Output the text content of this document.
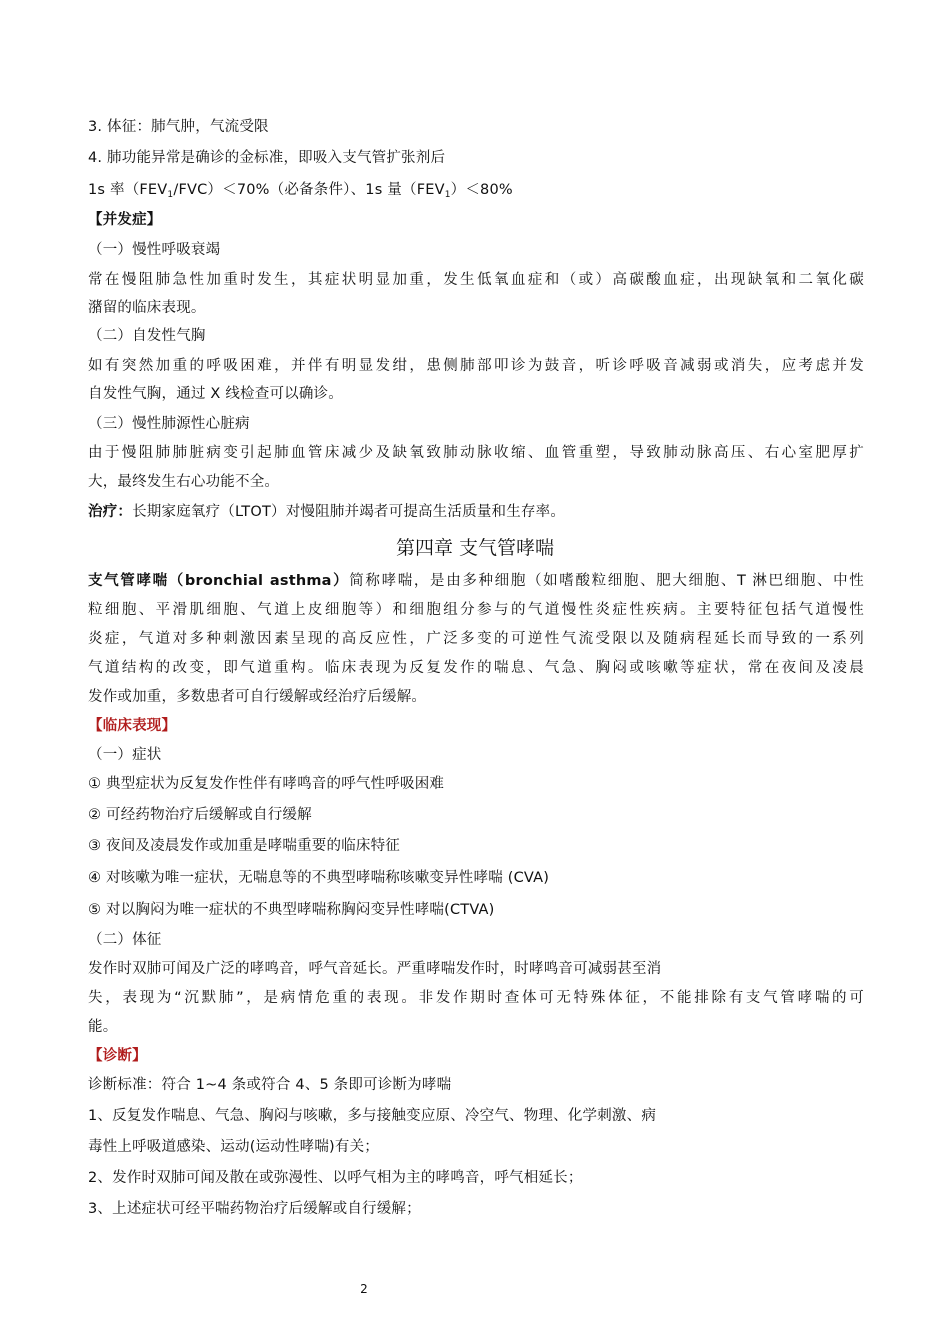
3. 体征：肺气肿，气流受限
4. 肺功能异常是确诊的金标准，即吸入支气管扩张剂后
1s 率$(FEV_1/FVC)<70\%$（必备条件）、1s 量$(FEV_1)<80\%$
【并发症】
（一）慢性呼吸衰竭
常在慢阻肺急性加重时发生，其症状明显加重，发生低氧血症和（或）高碳酸血症，出现缺氧和二氧化碳
潴留的临床表现。
（二）自发性气胸
如有突然加重的呼吸困难，并伴有明显发绀，患侧肺部叩诊为鼓音，听诊呼吸音减弱或消失，应考虑并发
自发性气胸，通过 X 线检查可以确诊。
（三）慢性肺源性心脏病
由于慢阻肺肺脏病变引起肺血管床减少及缺氧致肺动脉收缩、血管重塑，导致肺动脉高压、右心室肥厚扩
大，最终发生右心功能不全。
治疗：长期家庭氧疗（LTOT）对慢阻肺并竭者可提高生活质量和生存率。
第四章 支气管哮喘
支气管哮喘（bronchial asthma）简称哮喘，是由多种细胞（如嗜酸粒细胞、肥大细胞、T 淋巴细胞、中性
粒细胞、平滑肌细胞、气道上皮细胞等）和细胞组分参与的气道慢性炎症性疾病。主要特征包括气道慢性
炎症，气道对多种刺激因素呈现的高反应性，广泛多变的可逆性气流受限以及随病程延长而导致的一系列
气道结构的改变，即气道重构。临床表现为反复发作的喘息、气急、胸闷或咳嗽等症状，常在夜间及凌晨
发作或加重，多数患者可自行缓解或经治疗后缓解。
【临床表现】
（一）症状
① 典型症状为反复发作性伴有哮鸣音的呼气性呼吸困难
② 可经药物治疗后缓解或自行缓解
③ 夜间及凌晨发作或加重是哮喘重要的临床特征
④ 对咳嗽为唯一症状，无喘息等的不典型哮喘称咳嗽变异性哮喘 (CVA)
⑤ 对以胸闷为唯一症状的不典型哮喘称胸闷变异性哮喘(CTVA)
（二）体征
发作时双肺可闻及广泛的哮鸣音，呼气音延长。严重哮喘发作时，时哮鸣音可减弱甚至消
失，表现为“沉默肺”，是病情危重的表现。非发作期时查体可无特殊体征，不能排除有支气管哮喘的可
能。
【诊断】
诊断标准：符合 1~4 条或符合 4、5 条即可诊断为哮喘
1、反复发作喘息、气急、胸闷与咳嗽，多与接触变应原、冷空气、物理、化学刺激、病
毒性上呼吸道感染、运动(运动性哮喘)有关；
2、发作时双肺可闻及散在或弥漫性、以呼气相为主的哮鸣音，呼气相延长；
3、上述症状可经平喘药物治疗后缓解或自行缓解；
2
